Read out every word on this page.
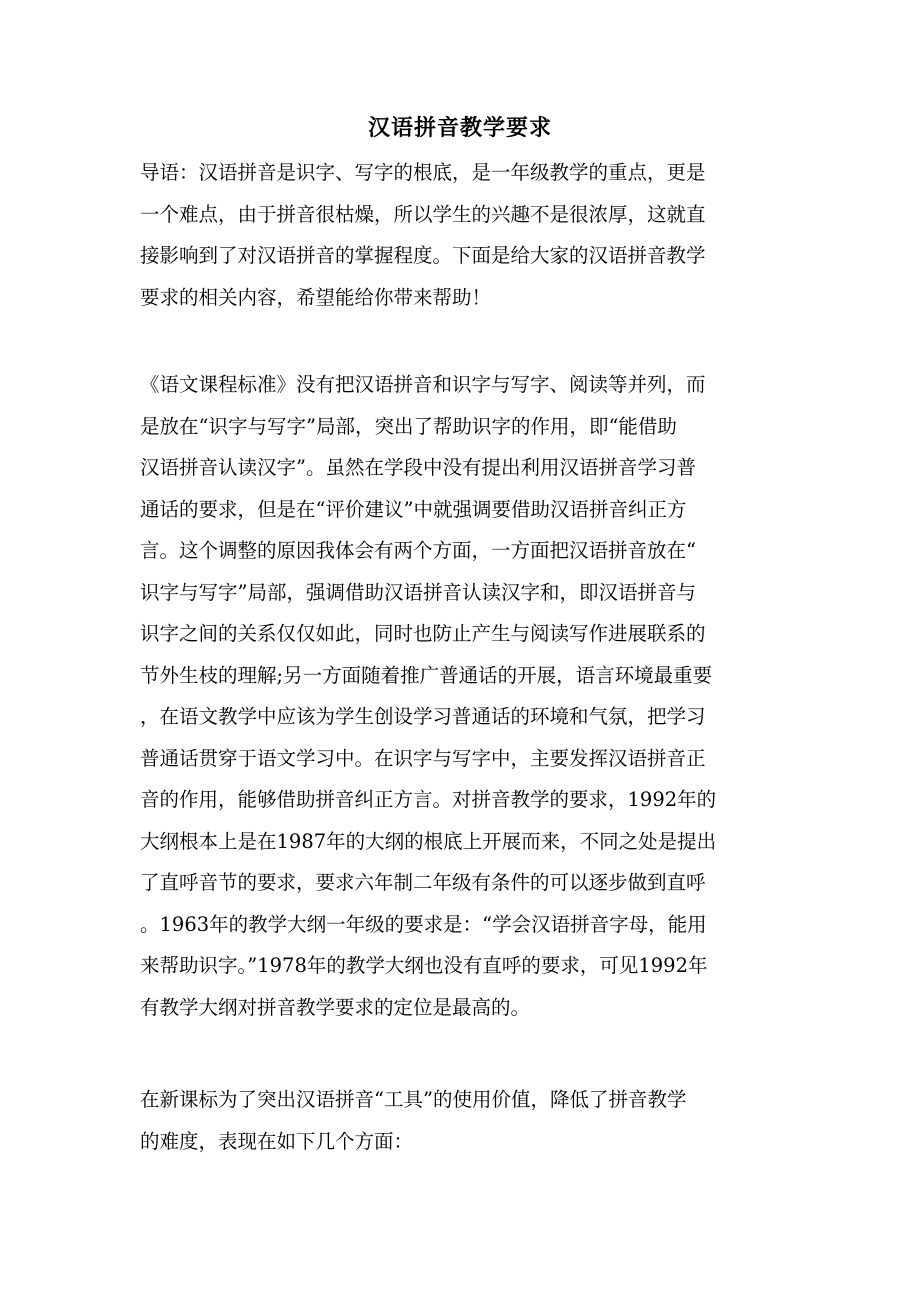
汉语拼音教学要求
导语：汉语拼音是识字、写字的根底，是一年级教学的重点，更是
一个难点，由于拼音很枯燥，所以学生的兴趣不是很浓厚，这就直
接影响到了对汉语拼音的掌握程度。下面是给大家的汉语拼音教学
要求的相关内容，希望能给你带来帮助！
《语文课程标准》没有把汉语拼音和识字与写字、阅读等并列，而
是放在“识字与写字”局部，突出了帮助识字的作用，即“能借助
汉语拼音认读汉字”。虽然在学段中没有提出利用汉语拼音学习普
通话的要求，但是在“评价建议”中就强调要借助汉语拼音纠正方
言。这个调整的原因我体会有两个方面，一方面把汉语拼音放在“
识字与写字”局部，强调借助汉语拼音认读汉字和，即汉语拼音与
识字之间的关系仅仅如此，同时也防止产生与阅读写作进展联系的
节外生枝的理解;另一方面随着推广普通话的开展，语言环境最重要
，在语文教学中应该为学生创设学习普通话的环境和气氛，把学习
普通话贯穿于语文学习中。在识字与写字中，主要发挥汉语拼音正
音的作用，能够借助拼音纠正方言。对拼音教学的要求，1992年的
大纲根本上是在1987年的大纲的根底上开展而来，不同之处是提出
了直呼音节的要求，要求六年制二年级有条件的可以逐步做到直呼
。1963年的教学大纲一年级的要求是：“学会汉语拼音字母，能用
来帮助识字。”1978年的教学大纲也没有直呼的要求，可见1992年
有教学大纲对拼音教学要求的定位是最高的。
在新课标为了突出汉语拼音“工具”的使用价值，降低了拼音教学
的难度，表现在如下几个方面：
